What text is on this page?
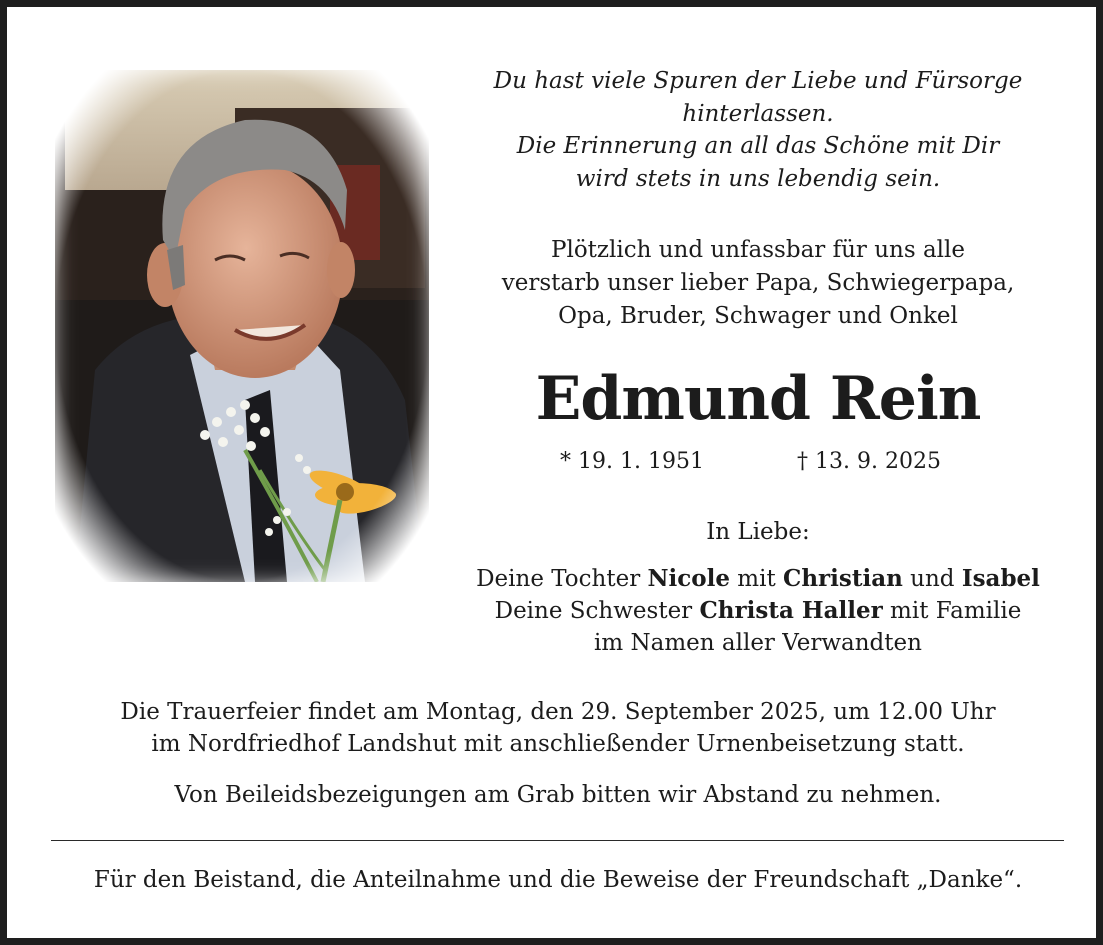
Du hast viele Spuren der Liebe und Fürsorge
hinterlassen.
Die Erinnerung an all das Schöne mit Dir
wird stets in uns lebendig sein.
Plötzlich und unfassbar für uns alle
verstarb unser lieber Papa, Schwiegerpapa,
Opa, Bruder, Schwager und Onkel
Edmund Rein
* 19. 1. 1951	† 13. 9. 2025
In Liebe:
Deine Tochter Nicole mit Christian und Isabel
Deine Schwester Christa Haller mit Familie
im Namen aller Verwandten
Die Trauerfeier findet am Montag, den 29. September 2025, um 12.00 Uhr
im Nordfriedhof Landshut mit anschließender Urnenbeisetzung statt.
Von Beileidsbezeigungen am Grab bitten wir Abstand zu nehmen.
Für den Beistand, die Anteilnahme und die Beweise der Freundschaft „Danke“.
